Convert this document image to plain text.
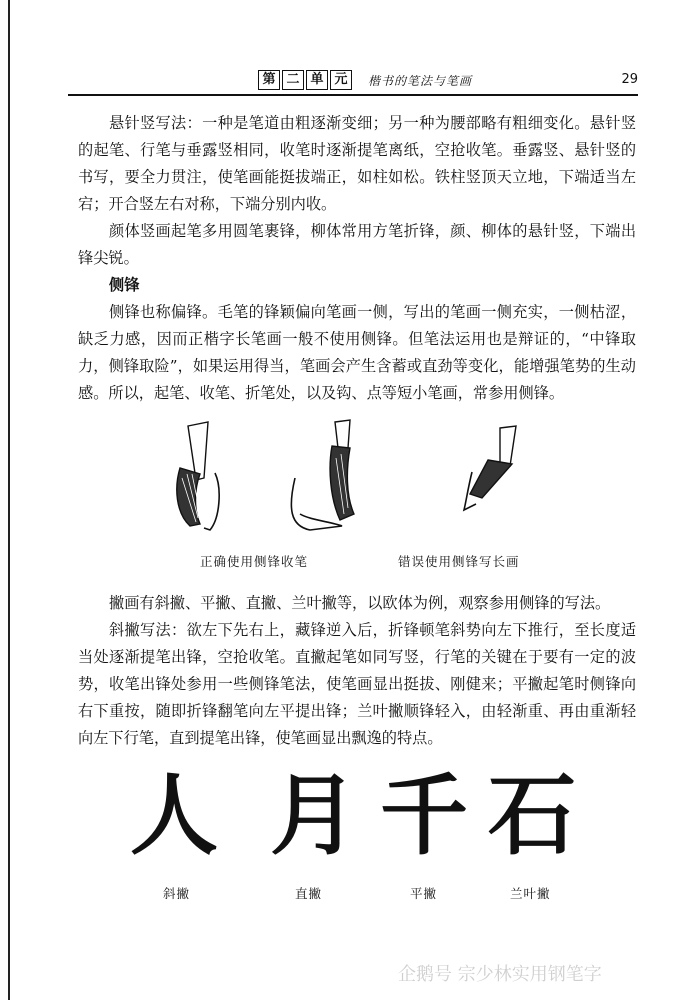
第 二 单 元	楷书的笔法与笔画	29

悬针竖写法：一种是笔道由粗逐渐变细；另一种为腰部略有粗细变化。悬针竖的起笔、行笔与垂露竖相同，收笔时逐渐提笔离纸，空抢收笔。垂露竖、悬针竖的书写，要全力贯注，使笔画能挺拔端正，如柱如松。铁柱竖顶天立地，下端适当左宕；开合竖左右对称，下端分别内收。

颜体竖画起笔多用圆笔裹锋，柳体常用方笔折锋，颜、柳体的悬针竖，下端出锋尖锐。

侧锋

侧锋也称偏锋。毛笔的锋颖偏向笔画一侧，写出的笔画一侧充实，一侧枯涩，缺乏力感，因而正楷字长笔画一般不使用侧锋。但笔法运用也是辩证的，“中锋取力，侧锋取险”，如果运用得当，笔画会产生含蓄或直劲等变化，能增强笔势的生动感。所以，起笔、收笔、折笔处，以及钩、点等短小笔画，常参用侧锋。

正确使用侧锋收笔	错误使用侧锋写长画

撇画有斜撇、平撇、直撇、兰叶撇等，以欧体为例，观察参用侧锋的写法。

斜撇写法：欲左下先右上，藏锋逆入后，折锋顿笔斜势向左下推行，至长度适当处逐渐提笔出锋，空抢收笔。直撇起笔如同写竖，行笔的关键在于要有一定的波势，收笔出锋处参用一些侧锋笔法，使笔画显出挺拔、刚健来；平撇起笔时侧锋向右下重按，随即折锋翻笔向左平提出锋；兰叶撇顺锋轻入，由轻渐重、再由重渐轻向左下行笔，直到提笔出锋，使笔画显出飘逸的特点。

人 月 千 石
斜撇	直撇	平撇	兰叶撇
企鹅号 宗少林实用钢笔字
